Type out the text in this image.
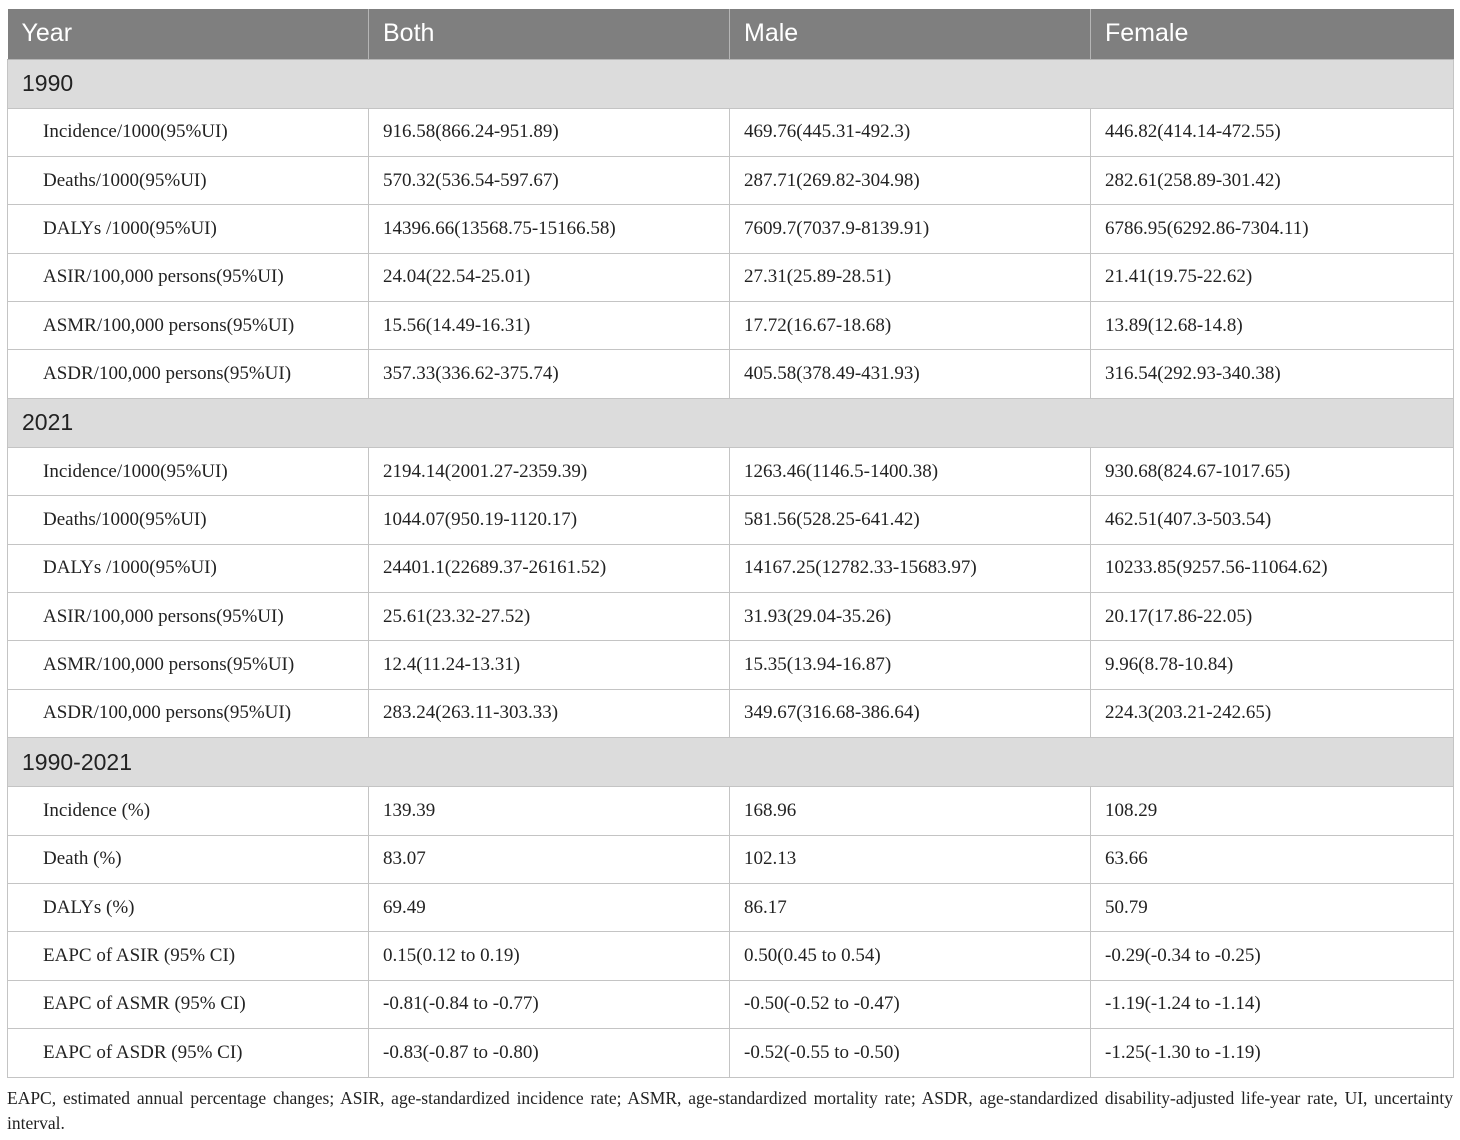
Year	Both	Male	Female
1990			
Incidence/1000(95%UI)	916.58(866.24-951.89)	469.76(445.31-492.3)	446.82(414.14-472.55)
Deaths/1000(95%UI)	570.32(536.54-597.67)	287.71(269.82-304.98)	282.61(258.89-301.42)
DALYs /1000(95%UI)	14396.66(13568.75-15166.58)	7609.7(7037.9-8139.91)	6786.95(6292.86-7304.11)
ASIR/100,000 persons(95%UI)	24.04(22.54-25.01)	27.31(25.89-28.51)	21.41(19.75-22.62)
ASMR/100,000 persons(95%UI)	15.56(14.49-16.31)	17.72(16.67-18.68)	13.89(12.68-14.8)
ASDR/100,000 persons(95%UI)	357.33(336.62-375.74)	405.58(378.49-431.93)	316.54(292.93-340.38)
2021			
Incidence/1000(95%UI)	2194.14(2001.27-2359.39)	1263.46(1146.5-1400.38)	930.68(824.67-1017.65)
Deaths/1000(95%UI)	1044.07(950.19-1120.17)	581.56(528.25-641.42)	462.51(407.3-503.54)
DALYs /1000(95%UI)	24401.1(22689.37-26161.52)	14167.25(12782.33-15683.97)	10233.85(9257.56-11064.62)
ASIR/100,000 persons(95%UI)	25.61(23.32-27.52)	31.93(29.04-35.26)	20.17(17.86-22.05)
ASMR/100,000 persons(95%UI)	12.4(11.24-13.31)	15.35(13.94-16.87)	9.96(8.78-10.84)
ASDR/100,000 persons(95%UI)	283.24(263.11-303.33)	349.67(316.68-386.64)	224.3(203.21-242.65)
1990-2021			
Incidence (%)	139.39	168.96	108.29
Death (%)	83.07	102.13	63.66
DALYs (%)	69.49	86.17	50.79
EAPC of ASIR (95% CI)	0.15(0.12 to 0.19)	0.50(0.45 to 0.54)	-0.29(-0.34 to -0.25)
EAPC of ASMR (95% CI)	-0.81(-0.84 to -0.77)	-0.50(-0.52 to -0.47)	-1.19(-1.24 to -1.14)
EAPC of ASDR (95% CI)	-0.83(-0.87 to -0.80)	-0.52(-0.55 to -0.50)	-1.25(-1.30 to -1.19)
EAPC, estimated annual percentage changes; ASIR, age-standardized incidence rate; ASMR, age-standardized mortality rate; ASDR, age-standardized disability-adjusted life-year rate, UI, uncertainty interval.
